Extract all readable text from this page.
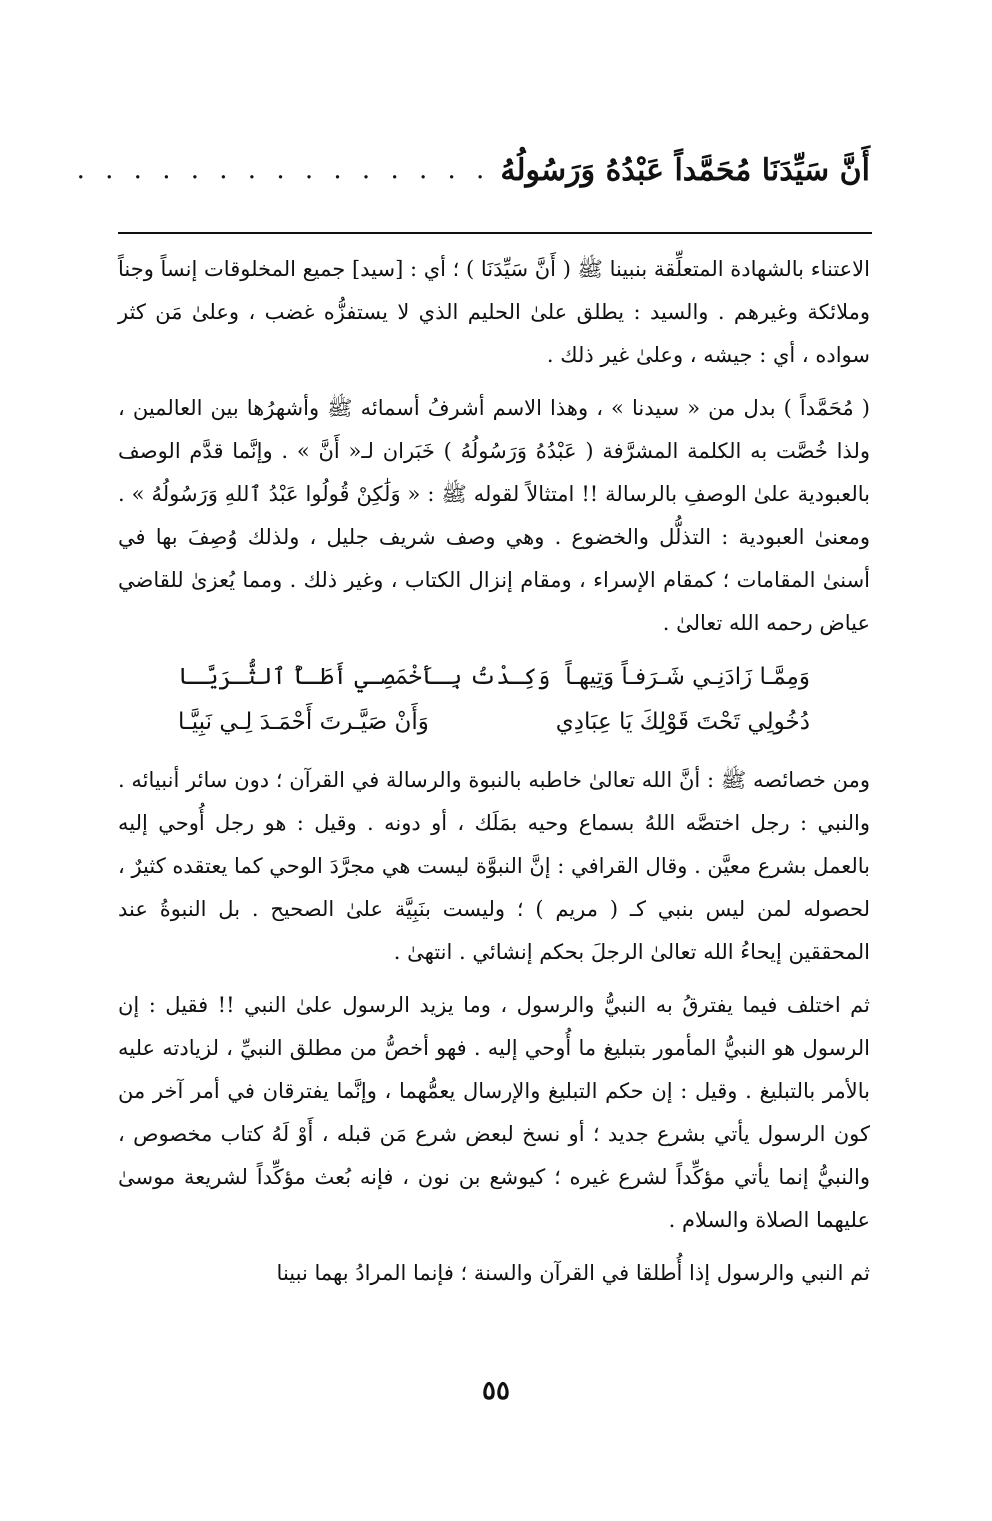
أَنَّ سَيِّدَنَا مُحَمَّداً عَبْدُهُ وَرَسُولُهُ
. . . . . . . . . . . . . . .

الاعتناء بالشهادة المتعلِّقة بنبينا ﷺ ( أَنَّ سَيِّدَنَا ) ؛ أي : [سيد] جميع المخلوقات إنساً وجناً وملائكة وغيرهم . والسيد : يطلق علىٰ الحليم الذي لا يستفزُّه غضب ، وعلىٰ مَن كثر سواده ، أي : جيشه ، وعلىٰ غير ذلك .

( مُحَمَّداً ) بدل من « سيدنا » ، وهذا الاسم أشرفُ أسمائه ﷺ وأشهرُها بين العالمين ، ولذا خُصَّت به الكلمة المشرَّفة ( عَبْدُهُ وَرَسُولُهُ ) خَبَران لـ« أَنَّ » . وإنَّما قدَّم الوصف بالعبودية علىٰ الوصفِ بالرسالة !! امتثالاً لقوله ﷺ : « وَلَٰكِنْ قُولُوا عَبْدُ ٱللهِ وَرَسُولُهُ » . ومعنىٰ العبودية : التذلُّل والخضوع . وهي وصف شريف جليل ، ولذلك وُصِفَ بها في أسنىٰ المقامات ؛ كمقام الإسراء ، ومقام إنزال الكتاب ، وغير ذلك . ومما يُعزىٰ للقاضي عياض رحمه الله تعالىٰ .

وَمِمَّـا زَادَنِـي شَـرَفـاً وَتِيهـاً
وَكِـدْتُ بِـأَخْمَصِـي أَطَـأُ ٱلثُّـرَيَّـا
دُخُولِي تَحْتَ قَوْلِكَ يَا عِبَادِي
وَأَنْ صَيَّـرتَ أَحْمَـدَ لِـي نَبِيَّـا

ومن خصائصه ﷺ : أنَّ الله تعالىٰ خاطبه بالنبوة والرسالة في القرآن ؛ دون سائر أنبيائه . والنبي : رجل اختصَّه اللهُ بسماع وحيه بمَلَك ، أو دونه . وقيل : هو رجل أُوحي إليه بالعمل بشرع معيَّن . وقال القرافي : إنَّ النبوَّة ليست هي مجرَّدَ الوحي كما يعتقده كثيرٌ ، لحصوله لمن ليس بنبي كـ ( مريم ) ؛ وليست بنَبِيَّة علىٰ الصحيح . بل النبوةُ عند المحققين إيحاءُ الله تعالىٰ الرجلَ بحكم إنشائي . انتهىٰ .

ثم اختلف فيما يفترقُ به النبيُّ والرسول ، وما يزيد الرسول علىٰ النبي !! فقيل : إن الرسول هو النبيُّ المأمور بتبليغ ما أُوحي إليه . فهو أخصُّ من مطلق النبيِّ ، لزيادته عليه بالأمر بالتبليغ . وقيل : إن حكم التبليغ والإرسال يعمُّهما ، وإنَّما يفترقان في أمر آخر من كون الرسول يأتي بشرع جديد ؛ أو نسخ لبعض شرع مَن قبله ، أَوْ لَهُ كتاب مخصوص ، والنبيُّ إنما يأتي مؤكِّداً لشرع غيره ؛ كيوشع بن نون ، فإنه بُعث مؤكِّداً لشريعة موسىٰ عليهما الصلاة والسلام .

ثم النبي والرسول إذا أُطلقا في القرآن والسنة ؛ فإنما المرادُ بهما نبينا

٥٥
